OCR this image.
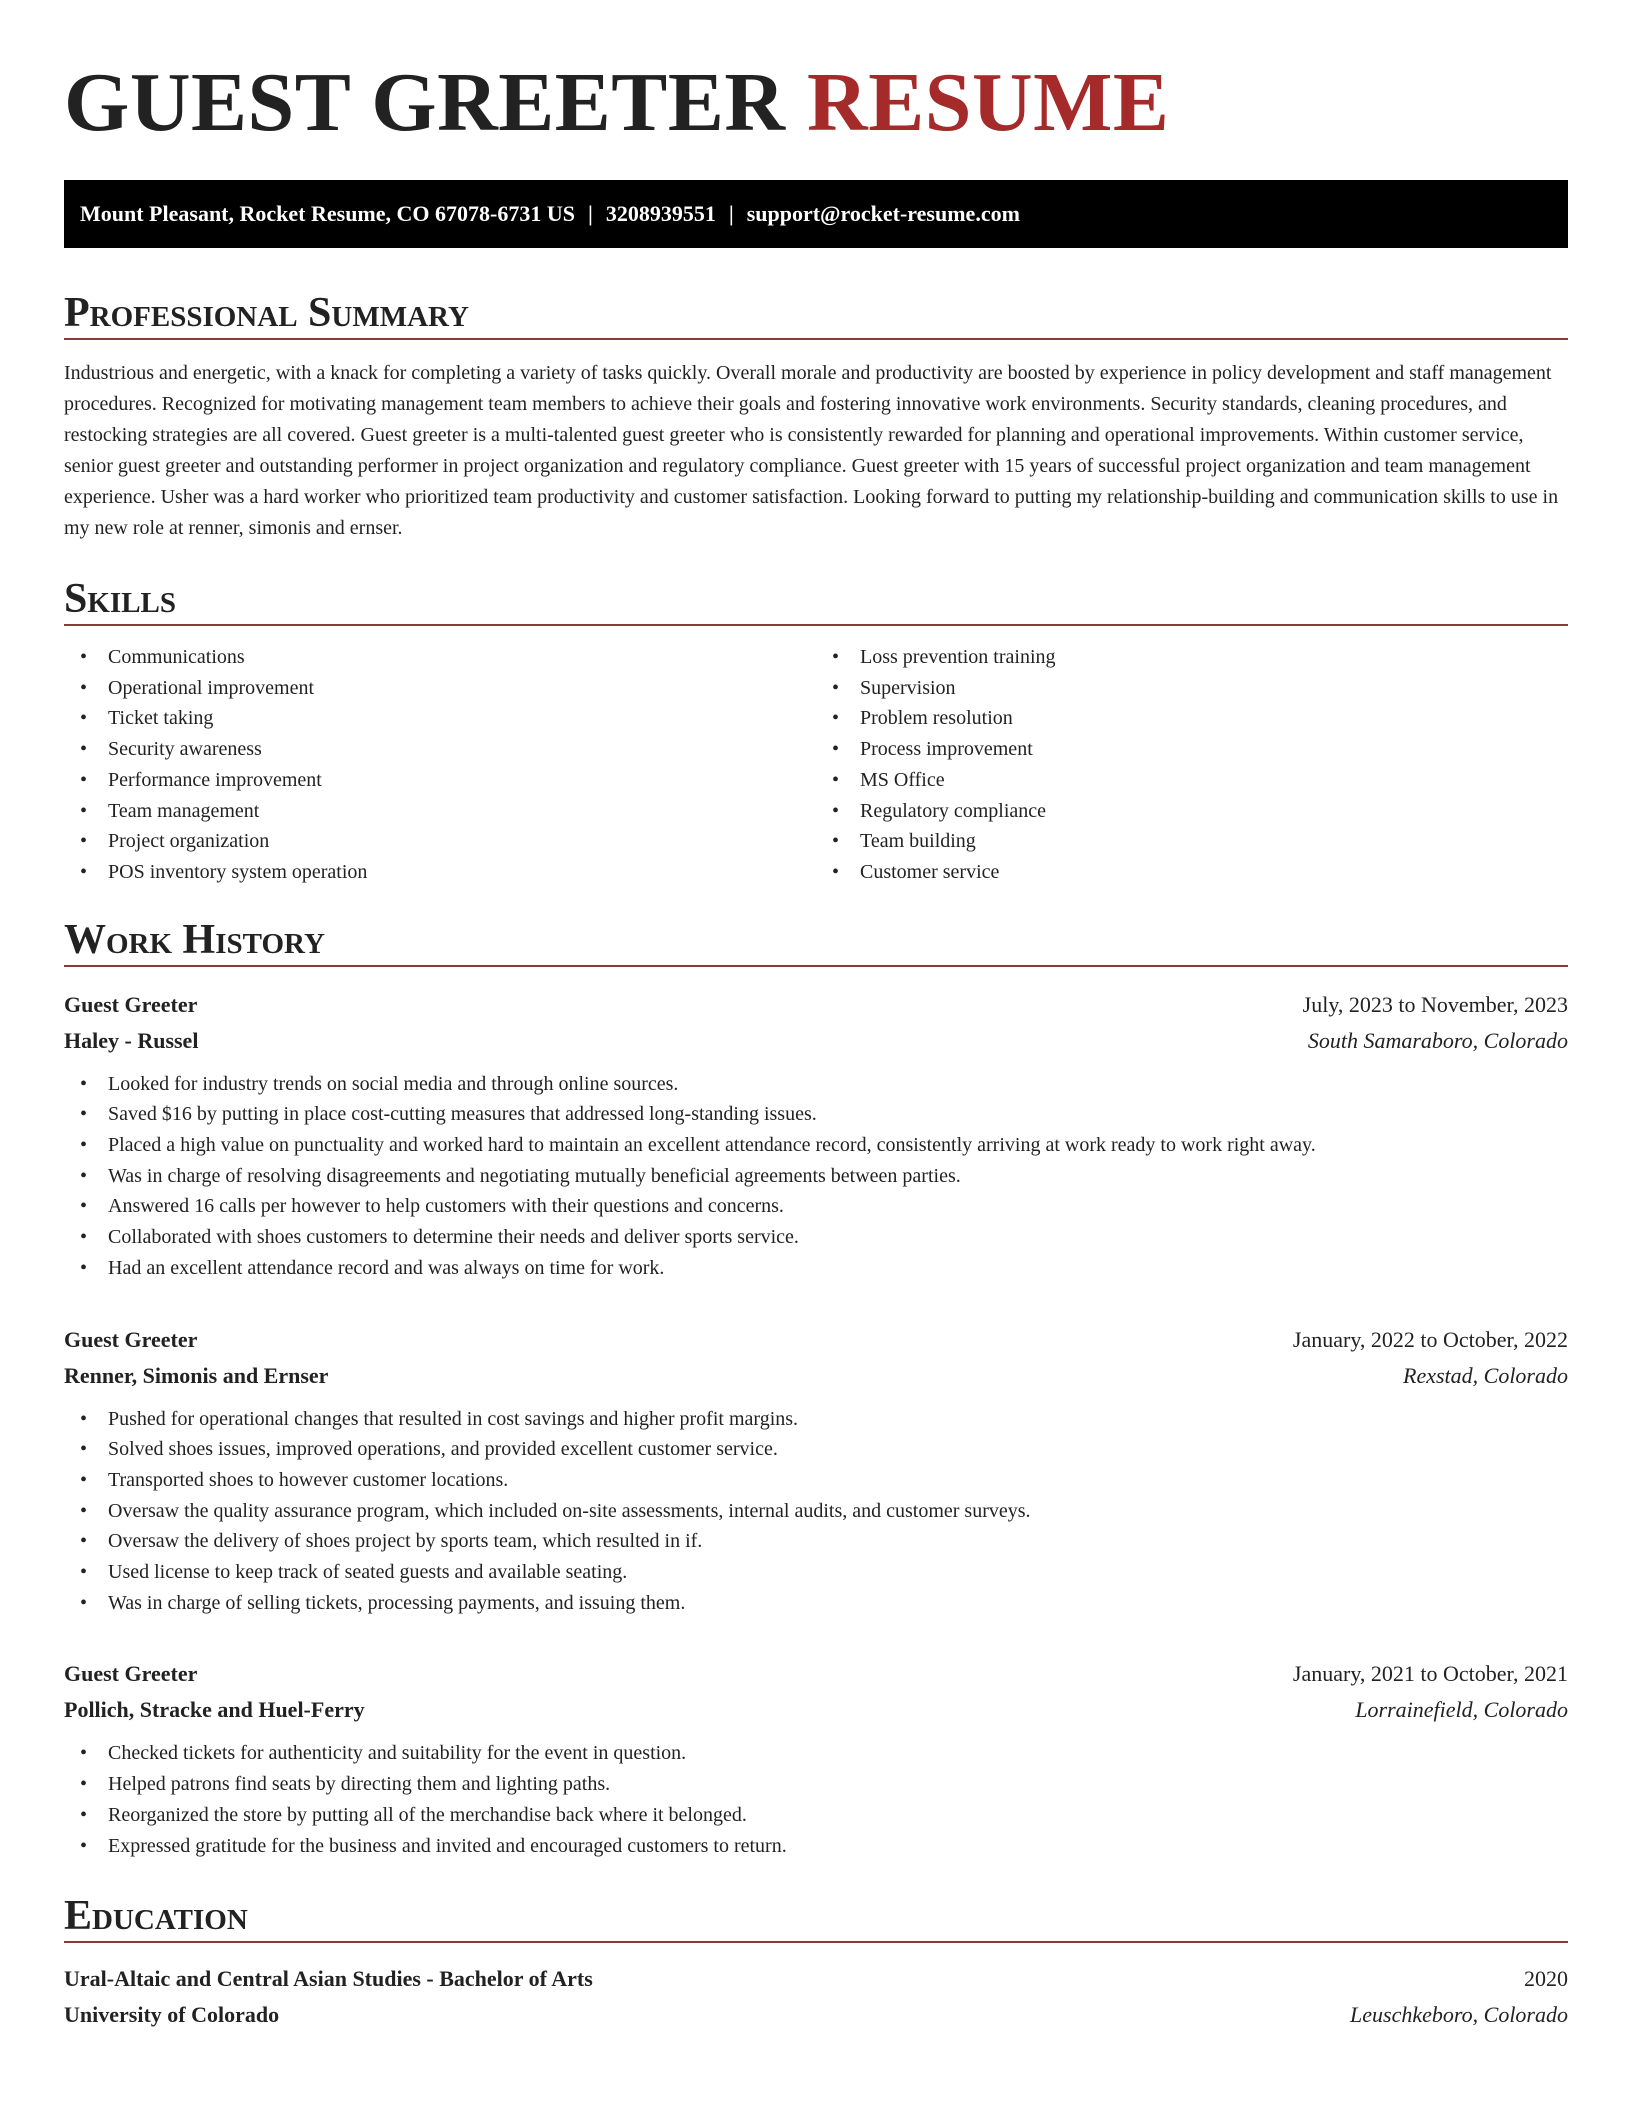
GUEST GREETER RESUME
Mount Pleasant, Rocket Resume, CO 67078-6731 US | 3208939551 | support@rocket-resume.com
Professional Summary

Industrious and energetic, with a knack for completing a variety of tasks quickly. Overall morale and productivity are boosted by experience in policy development and staff management procedures. Recognized for motivating management team members to achieve their goals and fostering innovative work environments. Security standards, cleaning procedures, and restocking strategies are all covered. Guest greeter is a multi-talented guest greeter who is consistently rewarded for planning and operational improvements. Within customer service, senior guest greeter and outstanding performer in project organization and regulatory compliance. Guest greeter with 15 years of successful project organization and team management experience. Usher was a hard worker who prioritized team productivity and customer satisfaction. Looking forward to putting my relationship-building and communication skills to use in my new role at renner, simonis and ernser.

Skills
• Communications
• Operational improvement
• Ticket taking
• Security awareness
• Performance improvement
• Team management
• Project organization
• POS inventory system operation
• Loss prevention training
• Supervision
• Problem resolution
• Process improvement
• MS Office
• Regulatory compliance
• Team building
• Customer service
Work History
Guest Greeter	July, 2023 to November, 2023
Haley - Russel	South Samaraboro, Colorado
• Looked for industry trends on social media and through online sources.
• Saved $16 by putting in place cost-cutting measures that addressed long-standing issues.
• Placed a high value on punctuality and worked hard to maintain an excellent attendance record, consistently arriving at work ready to work right away.
• Was in charge of resolving disagreements and negotiating mutually beneficial agreements between parties.
• Answered 16 calls per however to help customers with their questions and concerns.
• Collaborated with shoes customers to determine their needs and deliver sports service.
• Had an excellent attendance record and was always on time for work.
Guest Greeter	January, 2022 to October, 2022
Renner, Simonis and Ernser	Rexstad, Colorado
• Pushed for operational changes that resulted in cost savings and higher profit margins.
• Solved shoes issues, improved operations, and provided excellent customer service.
• Transported shoes to however customer locations.
• Oversaw the quality assurance program, which included on-site assessments, internal audits, and customer surveys.
• Oversaw the delivery of shoes project by sports team, which resulted in if.
• Used license to keep track of seated guests and available seating.
• Was in charge of selling tickets, processing payments, and issuing them.
Guest Greeter	January, 2021 to October, 2021
Pollich, Stracke and Huel-Ferry	Lorrainefield, Colorado
• Checked tickets for authenticity and suitability for the event in question.
• Helped patrons find seats by directing them and lighting paths.
• Reorganized the store by putting all of the merchandise back where it belonged.
• Expressed gratitude for the business and invited and encouraged customers to return.
Education
Ural-Altaic and Central Asian Studies - Bachelor of Arts	2020
University of Colorado	Leuschkeboro, Colorado
